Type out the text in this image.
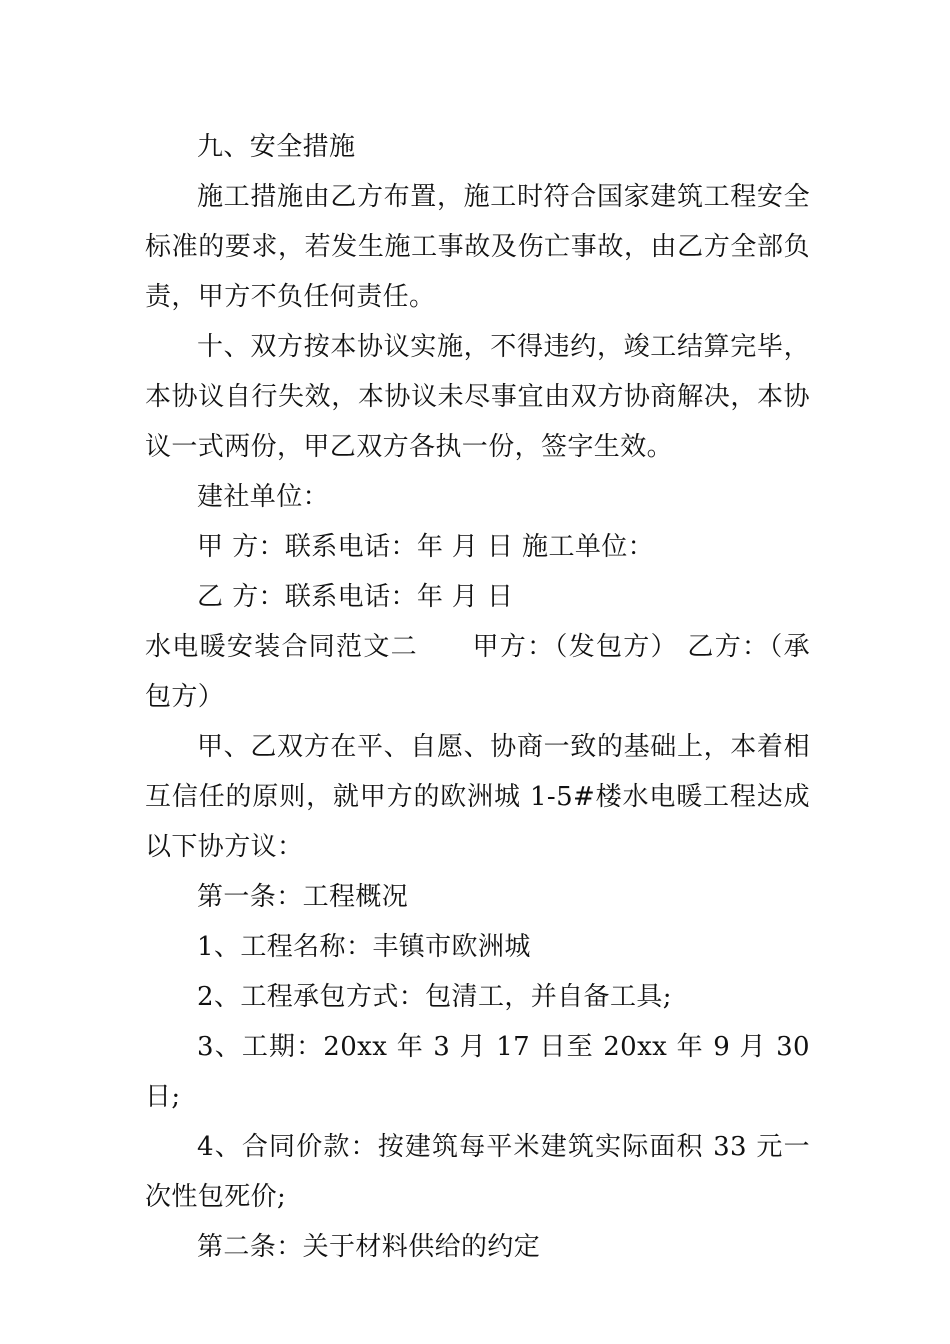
九、安全措施

施工措施由乙方布置，施工时符合国家建筑工程安全标准的要求，若发生施工事故及伤亡事故，由乙方全部负责，甲方不负任何责任。

十、双方按本协议实施，不得违约，竣工结算完毕，本协议自行失效，本协议未尽事宜由双方协商解决，本协议一式两份，甲乙双方各执一份，签字生效。

建社单位：

甲 方：联系电话：年 月 日 施工单位：

乙 方：联系电话：年 月 日

水电暖安装合同范文二　　甲方：（发包方） 乙方：（承包方）

甲、乙双方在平、自愿、协商一致的基础上，本着相互信任的原则，就甲方的欧洲城 1-5#楼水电暖工程达成以下协方议：

第一条：工程概况

1、工程名称：丰镇市欧洲城

2、工程承包方式：包清工，并自备工具;

3、工期：20xx 年 3 月 17 日至 20xx 年 9 月 30 日;

4、合同价款：按建筑每平米建筑实际面积 33 元一次性包死价;

第二条：关于材料供给的约定
